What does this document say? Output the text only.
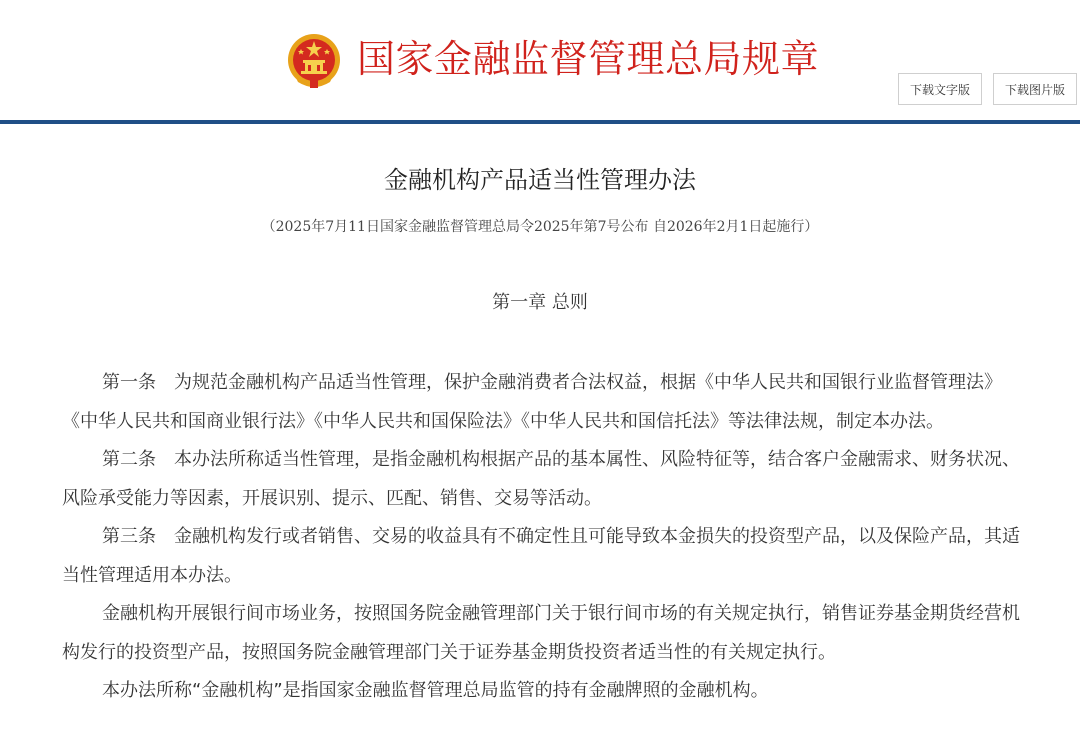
国家金融监督管理总局规章
下载文字版	下载图片版
金融机构产品适当性管理办法
（2025年7月11日国家金融监督管理总局令2025年第7号公布 自2026年2月1日起施行）
第一章 总则

第一条　为规范金融机构产品适当性管理，保护金融消费者合法权益，根据《中华人民共和国银行业监督管理法》《中华人民共和国商业银行法》《中华人民共和国保险法》《中华人民共和国信托法》等法律法规，制定本办法。

第二条　本办法所称适当性管理，是指金融机构根据产品的基本属性、风险特征等，结合客户金融需求、财务状况、风险承受能力等因素，开展识别、提示、匹配、销售、交易等活动。

第三条　金融机构发行或者销售、交易的收益具有不确定性且可能导致本金损失的投资型产品，以及保险产品，其适当性管理适用本办法。

金融机构开展银行间市场业务，按照国务院金融管理部门关于银行间市场的有关规定执行，销售证券基金期货经营机构发行的投资型产品，按照国务院金融管理部门关于证券基金期货投资者适当性的有关规定执行。

本办法所称“金融机构”是指国家金融监督管理总局监管的持有金融牌照的金融机构。
